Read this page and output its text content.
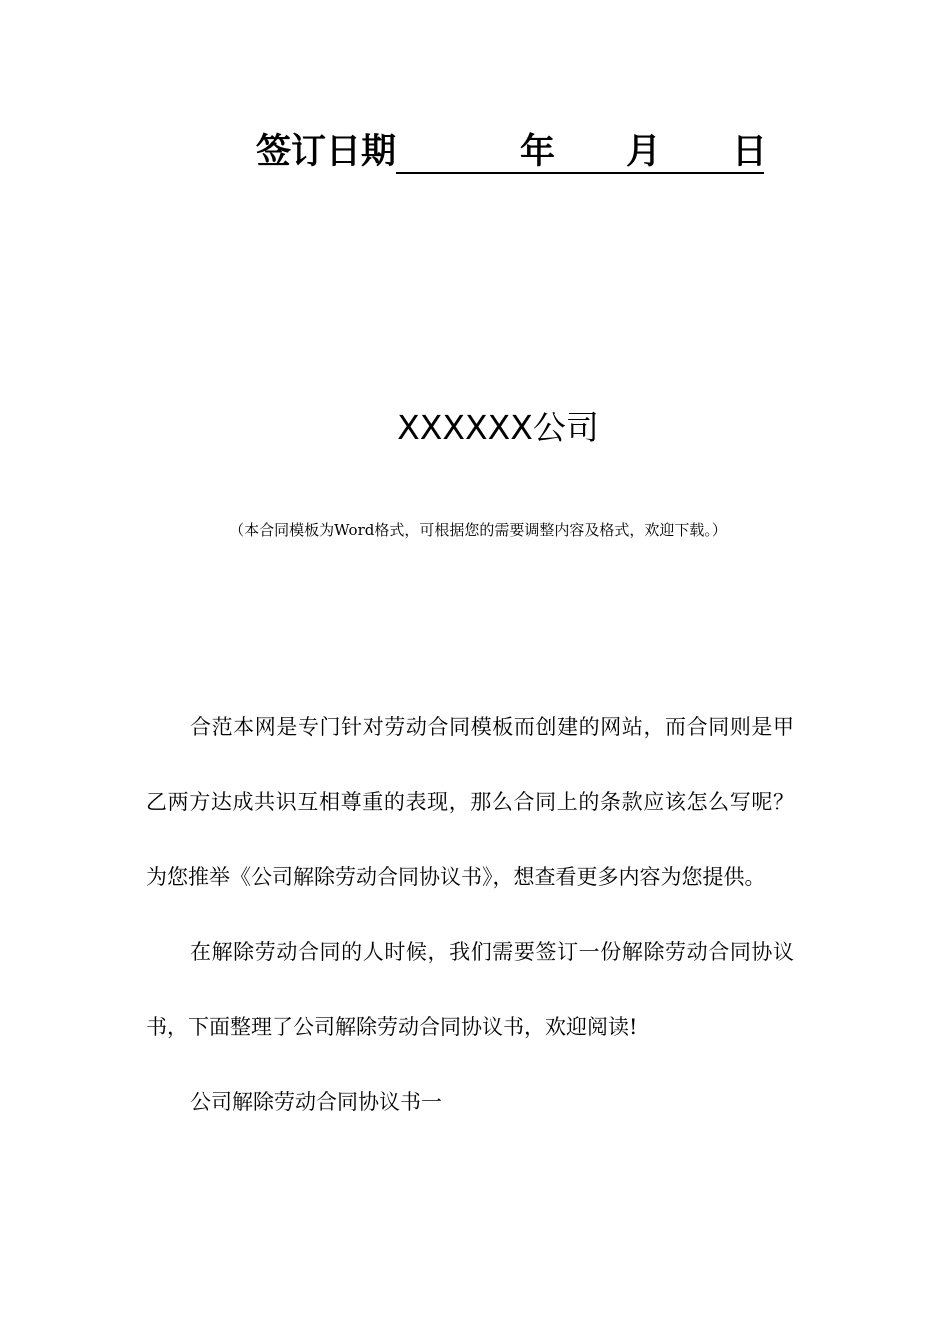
签订日期	年 月 日
XXXXXX公司
（本合同模板为Word格式，可根据您的需要调整内容及格式，欢迎下载。）

合范本网是专门针对劳动合同模板而创建的网站，而合同则是甲乙两方达成共识互相尊重的表现，那么合同上的条款应该怎么写呢？为您推举《公司解除劳动合同协议书》，想查看更多内容为您提供。

在解除劳动合同的人时候，我们需要签订一份解除劳动合同协议书，下面整理了公司解除劳动合同协议书，欢迎阅读!

公司解除劳动合同协议书一
